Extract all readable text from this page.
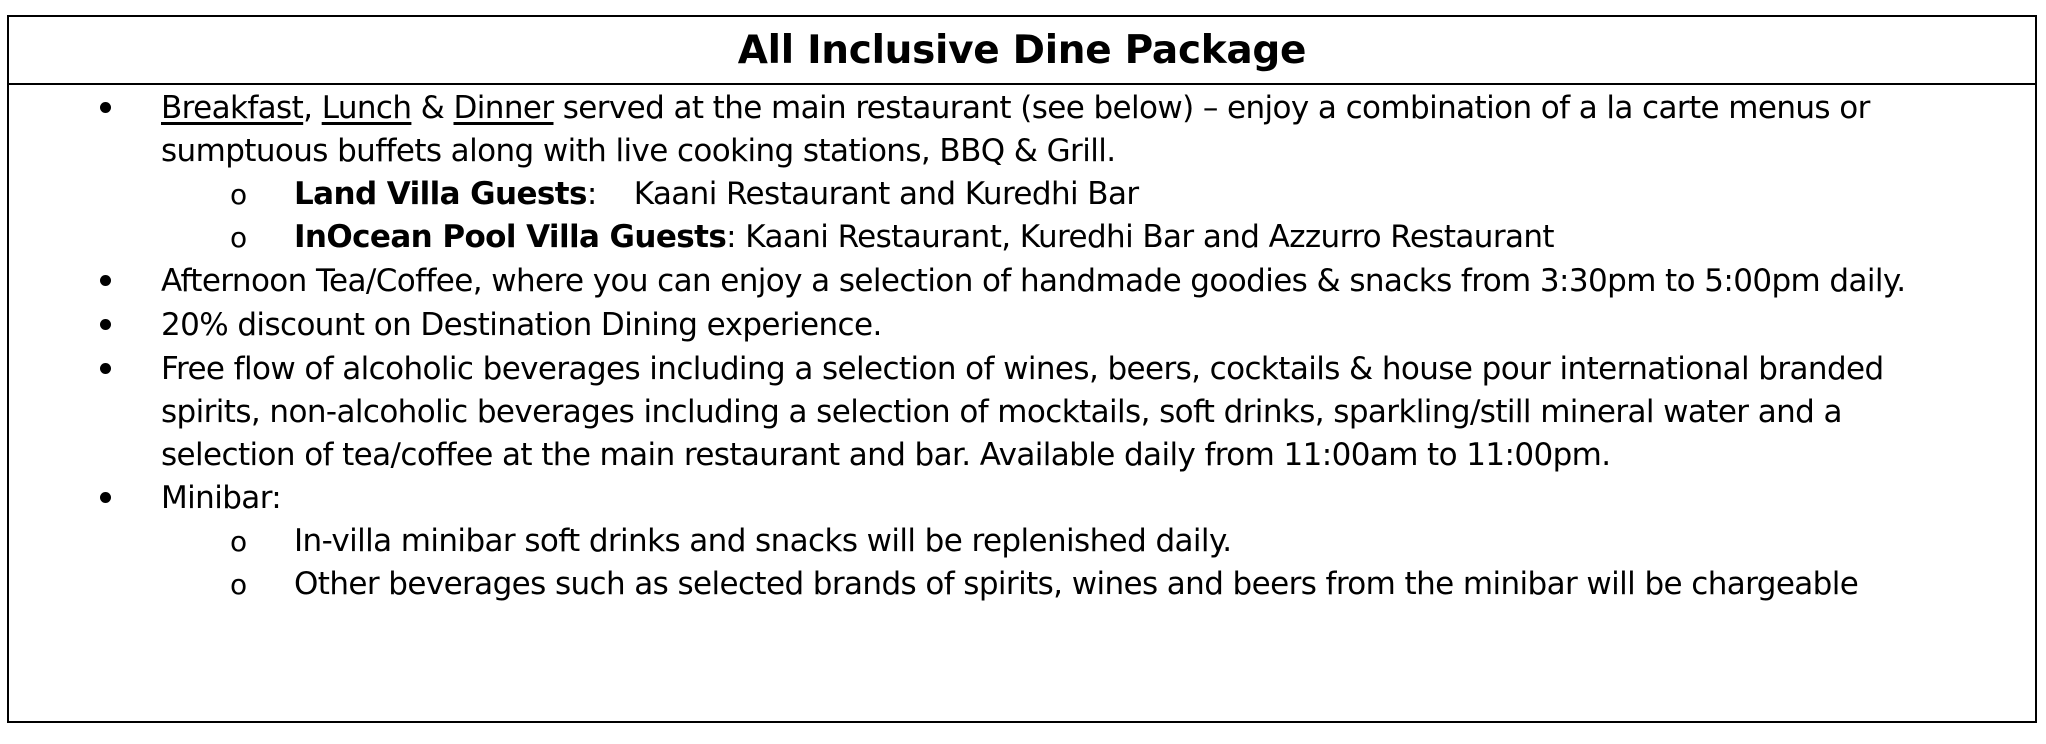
All Inclusive Dine Package
Breakfast, Lunch & Dinner served at the main restaurant (see below) – enjoy a combination of a la carte menus or
sumptuous buffets along with live cooking stations, BBQ & Grill.
o Land Villa Guests:    Kaani Restaurant and Kuredhi Bar
o InOcean Pool Villa Guests: Kaani Restaurant, Kuredhi Bar and Azzurro Restaurant
Afternoon Tea/Coffee, where you can enjoy a selection of handmade goodies & snacks from 3:30pm to 5:00pm daily.
20% discount on Destination Dining experience.
Free flow of alcoholic beverages including a selection of wines, beers, cocktails & house pour international branded
spirits, non-alcoholic beverages including a selection of mocktails, soft drinks, sparkling/still mineral water and a
selection of tea/coffee at the main restaurant and bar. Available daily from 11:00am to 11:00pm.
Minibar:
o In-villa minibar soft drinks and snacks will be replenished daily.
o Other beverages such as selected brands of spirits, wines and beers from the minibar will be chargeable
